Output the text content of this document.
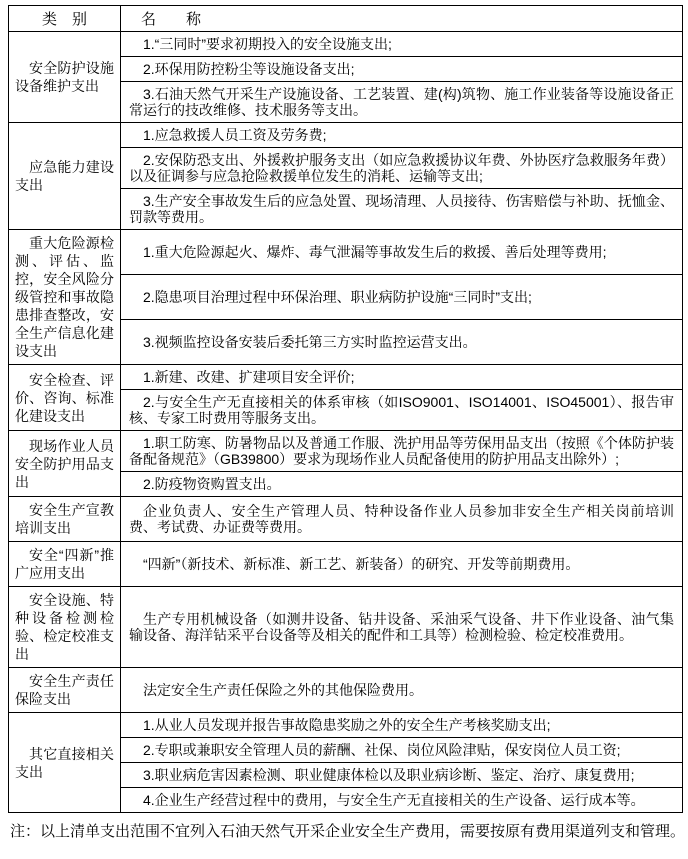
类　别	名　　称
安全防护设施设备维护支出	1.“三同时”要求初期投入的安全设施支出;
	2.环保用防控粉尘等设施设备支出;
	3.石油天然气开采生产设施设备、工艺装置、建(构)筑物、施工作业装备等设施设备正常运行的技改维修、技术服务等支出。
应急能力建设支出	1.应急救援人员工资及劳务费;
	2.安保防恐支出、外援救护服务支出（如应急救援协议年费、外协医疗急救服务年费）以及征调参与应急抢险救援单位发生的消耗、运输等支出;
	3.生产安全事故发生后的应急处置、现场清理、人员接待、伤害赔偿与补助、抚恤金、罚款等费用。
重大危险源检测、评估、监控，安全风险分级管控和事故隐患排查整改，安全生产信息化建设支出	1.重大危险源起火、爆炸、毒气泄漏等事故发生后的救援、善后处理等费用;
	2.隐患项目治理过程中环保治理、职业病防护设施“三同时”支出;
	3.视频监控设备安装后委托第三方实时监控运营支出。
安全检查、评价、咨询、标准化建设支出	1.新建、改建、扩建项目安全评价;
	2.与安全生产无直接相关的体系审核（如ISO9001、ISO14001、ISO45001）、报告审核、专家工时费用等服务支出。
现场作业人员安全防护用品支出	1.职工防寒、防暑物品以及普通工作服、洗护用品等劳保用品支出（按照《个体防护装备配备规范》（GB39800）要求为现场作业人员配备使用的防护用品支出除外）;
	2.防疫物资购置支出。
安全生产宣教培训支出	企业负责人、安全生产管理人员、特种设备作业人员参加非安全生产相关岗前培训费、考试费、办证费等费用。
安全“四新”推广应用支出	“四新”（新技术、新标准、新工艺、新装备）的研究、开发等前期费用。
安全设施、特种设备检测检验、检定校准支出	生产专用机械设备（如测井设备、钻井设备、采油采气设备、井下作业设备、油气集输设备、海洋钻采平台设备等及相关的配件和工具等）检测检验、检定校准费用。
安全生产责任保险支出	法定安全生产责任保险之外的其他保险费用。
其它直接相关支出	1.从业人员发现并报告事故隐患奖励之外的安全生产考核奖励支出;
	2.专职或兼职安全管理人员的薪酬、社保、岗位风险津贴，保安岗位人员工资;
	3.职业病危害因素检测、职业健康体检以及职业病诊断、鉴定、治疗、康复费用;
	4.企业生产经营过程中的费用，与安全生产无直接相关的生产设备、运行成本等。

注：以上清单支出范围不宜列入石油天然气开采企业安全生产费用，需要按原有费用渠道列支和管理。
